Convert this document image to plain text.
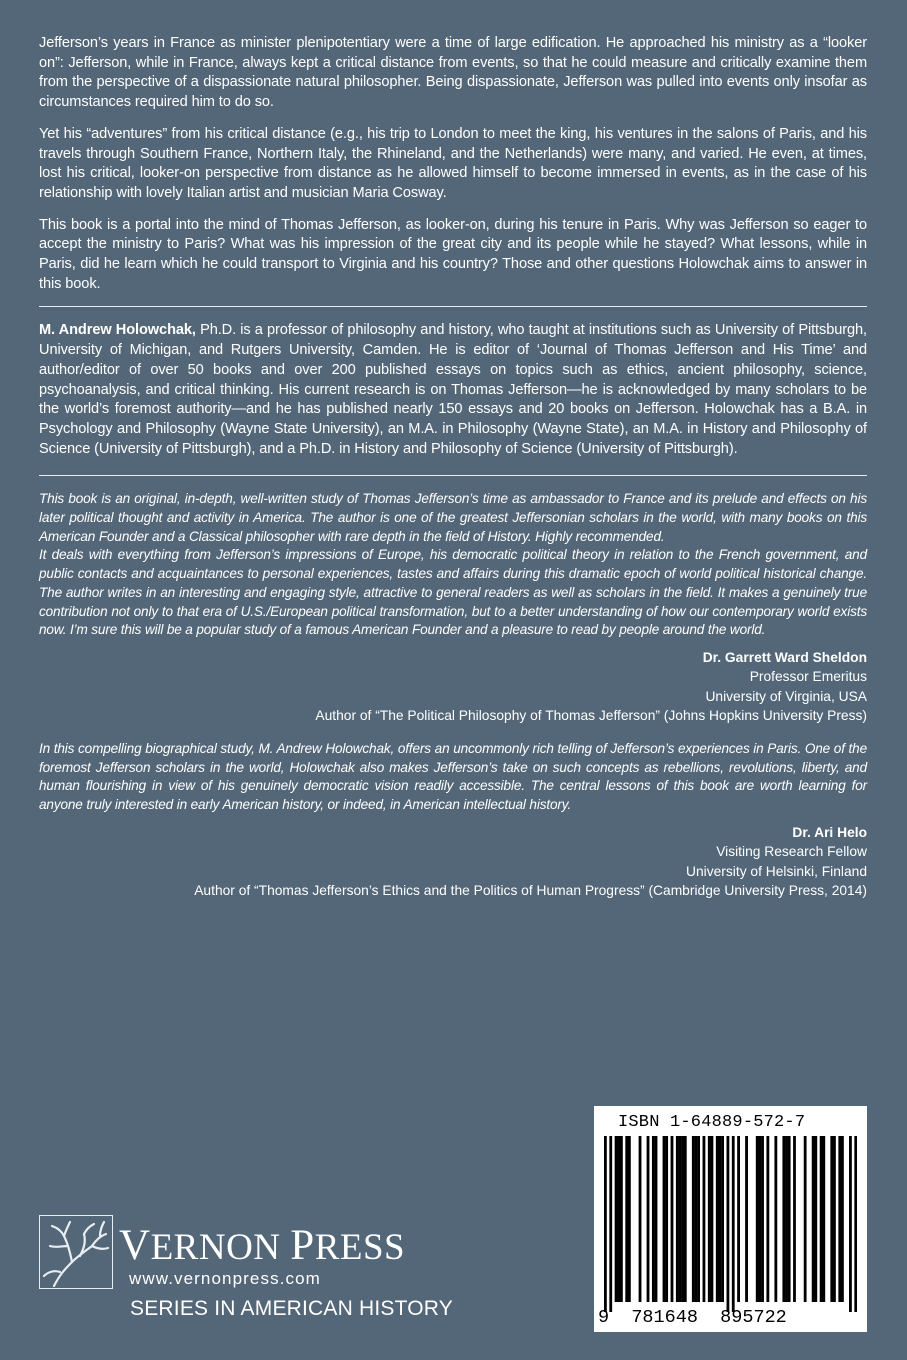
Jefferson’s years in France as minister plenipotentiary were a time of large edification. He approached his ministry as a “looker on”: Jefferson, while in France, always kept a critical distance from events, so that he could measure and critically examine them from the perspective of a dispassionate natural philosopher. Being dispassionate, Jefferson was pulled into events only insofar as circumstances required him to do so.

Yet his “adventures” from his critical distance (e.g., his trip to London to meet the king, his ventures in the salons of Paris, and his travels through Southern France, Northern Italy, the Rhineland, and the Netherlands) were many, and varied. He even, at times, lost his critical, looker-on perspective from distance as he allowed himself to become immersed in events, as in the case of his relationship with lovely Italian artist and musician Maria Cosway.

This book is a portal into the mind of Thomas Jefferson, as looker-on, during his tenure in Paris. Why was Jefferson so eager to accept the ministry to Paris? What was his impression of the great city and its people while he stayed? What lessons, while in Paris, did he learn which he could transport to Virginia and his country? Those and other questions Holowchak aims to answer in this book.

M. Andrew Holowchak, Ph.D. is a professor of philosophy and history, who taught at institutions such as University of Pittsburgh, University of Michigan, and Rutgers University, Camden. He is editor of ‘Journal of Thomas Jefferson and His Time’ and author/editor of over 50 books and over 200 published essays on topics such as ethics, ancient philosophy, science, psychoanalysis, and critical thinking. His current research is on Thomas Jefferson—he is acknowledged by many scholars to be the world’s foremost authority—and he has published nearly 150 essays and 20 books on Jefferson. Holowchak has a B.A. in Psychology and Philosophy (Wayne State University), an M.A. in Philosophy (Wayne State), an M.A. in History and Philosophy of Science (University of Pittsburgh), and a Ph.D. in History and Philosophy of Science (University of Pittsburgh).

This book is an original, in-depth, well-written study of Thomas Jefferson’s time as ambassador to France and its prelude and effects on his later political thought and activity in America. The author is one of the greatest Jeffersonian scholars in the world, with many books on this American Founder and a Classical philosopher with rare depth in the field of History. Highly recommended.

It deals with everything from Jefferson’s impressions of Europe, his democratic political theory in relation to the French government, and public contacts and acquaintances to personal experiences, tastes and affairs during this dramatic epoch of world political historical change. The author writes in an interesting and engaging style, attractive to general readers as well as scholars in the field. It makes a genuinely true contribution not only to that era of U.S./European political transformation, but to a better understanding of how our contemporary world exists now. I’m sure this will be a popular study of a famous American Founder and a pleasure to read by people around the world.

Dr. Garrett Ward Sheldon
Professor Emeritus
University of Virginia, USA
Author of “The Political Philosophy of Thomas Jefferson” (Johns Hopkins University Press)

In this compelling biographical study, M. Andrew Holowchak, offers an uncommonly rich telling of Jefferson’s experiences in Paris. One of the foremost Jefferson scholars in the world, Holowchak also makes Jefferson’s take on such concepts as rebellions, revolutions, liberty, and human flourishing in view of his genuinely democratic vision readily accessible. The central lessons of this book are worth learning for anyone truly interested in early American history, or indeed, in American intellectual history.

Dr. Ari Helo
Visiting Research Fellow
University of Helsinki, Finland
Author of “Thomas Jefferson’s Ethics and the Politics of Human Progress” (Cambridge University Press, 2014)
VERNON PRESS
www.vernonpress.com
SERIES IN AMERICAN HISTORY
ISBN 1-64889-572-7
9 781648 895722
